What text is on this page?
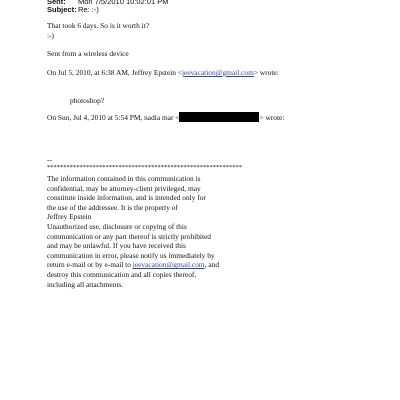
Sent: Mon 7/5/2010 10:02:01 PM
Subject:Re: :-)
That took 6 days. So is it worth it?
:-)
Sent from a wireless device
On Jul 5, 2010, at 6:38 AM, Jeffrey Epstein <jeevacation@gmail.com> wrote:
photoshop?
On Sun, Jul 4, 2010 at 5:54 PM, nadia mar <	> wrote:
--
************************************************************
The information contained in this communication is
confidential, may be attorney-client privileged, may
constitute inside information, and is intended only for
the use of the addressee. It is the property of
Jeffrey Epstein
Unauthorized use, disclosure or copying of this
communication or any part thereof is strictly prohibited
and may be unlawful. If you have received this
communication in error, please notify us immediately by
return e-mail or by e-mail to jeevacation@gmail.com, and
destroy this communication and all copies thereof,
including all attachments.
